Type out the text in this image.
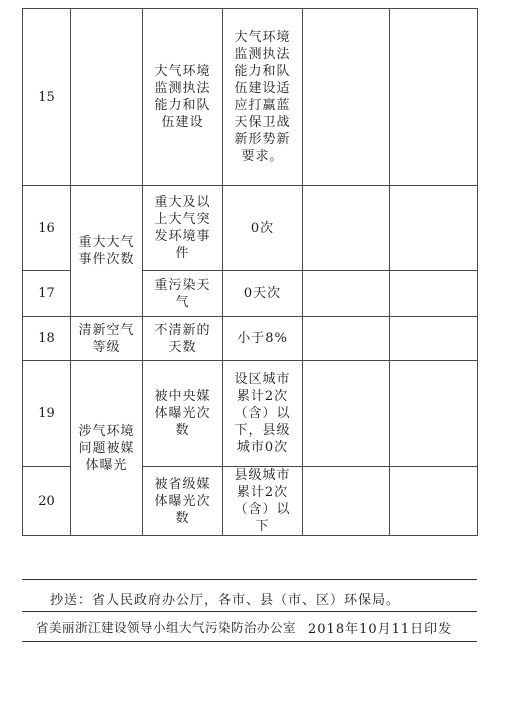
15		大气环境监测执法能力和队伍建设	大气环境监测执法能力和队伍建设适应打赢蓝天保卫战新形势新要求。		

16	重大大气事件次数	重大及以上大气突发环境事件	0次		

17		重污染天气	0天次		

18	清新空气等级	不清新的天数	小于8%		

19	涉气环境问题被媒体曝光	被中央媒体曝光次数	设区城市累计2次（含）以下，县级城市0次		

20		被省级媒体曝光次数	县级城市累计2次（含）以下		

抄送：省人民政府办公厅，各市、县（市、区）环保局。
省美丽浙江建设领导小组大气污染防治办公室 2018年10月11日印发
